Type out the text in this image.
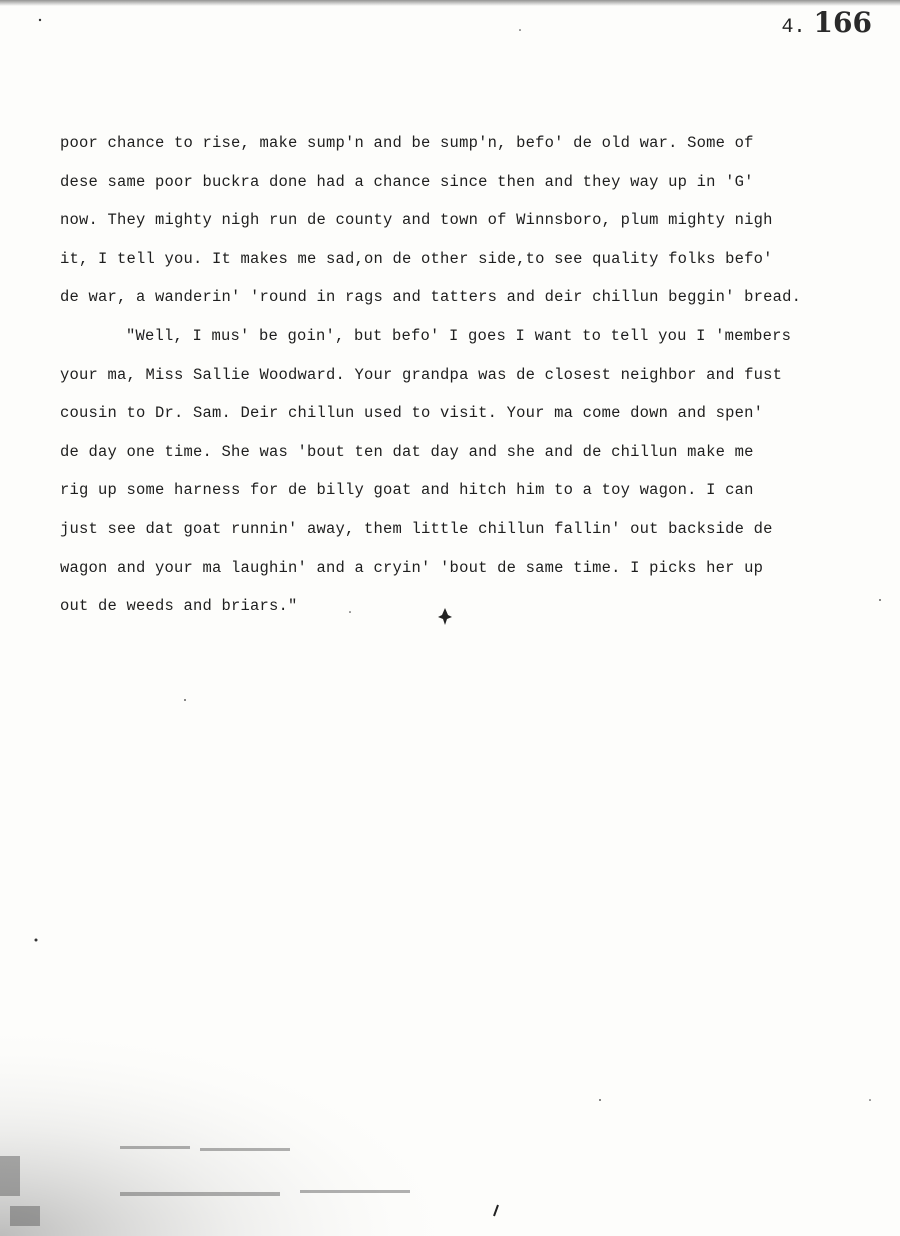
4. 166

poor chance to rise, make sump'n and be sump'n, befo' de old war. Some of
dese same poor buckra done had a chance since then and they way up in 'G'
now. They mighty nigh run de county and town of Winnsboro, plum mighty nigh
it, I tell you. It makes me sad,on de other side,to see quality folks befo'
de war, a wanderin' 'round in rags and tatters and deir chillun beggin' bread.

"Well, I mus' be goin', but befo' I goes I want to tell you I 'members
your ma, Miss Sallie Woodward. Your grandpa was de closest neighbor and fust
cousin to Dr. Sam. Deir chillun used to visit. Your ma come down and spen'
de day one time. She was 'bout ten dat day and she and de chillun make me
rig up some harness for de billy goat and hitch him to a toy wagon. I can
just see dat goat runnin' away, them little chillun fallin' out backside de
wagon and your ma laughin' and a cryin' 'bout de same time. I picks her up
out de weeds and briars."
